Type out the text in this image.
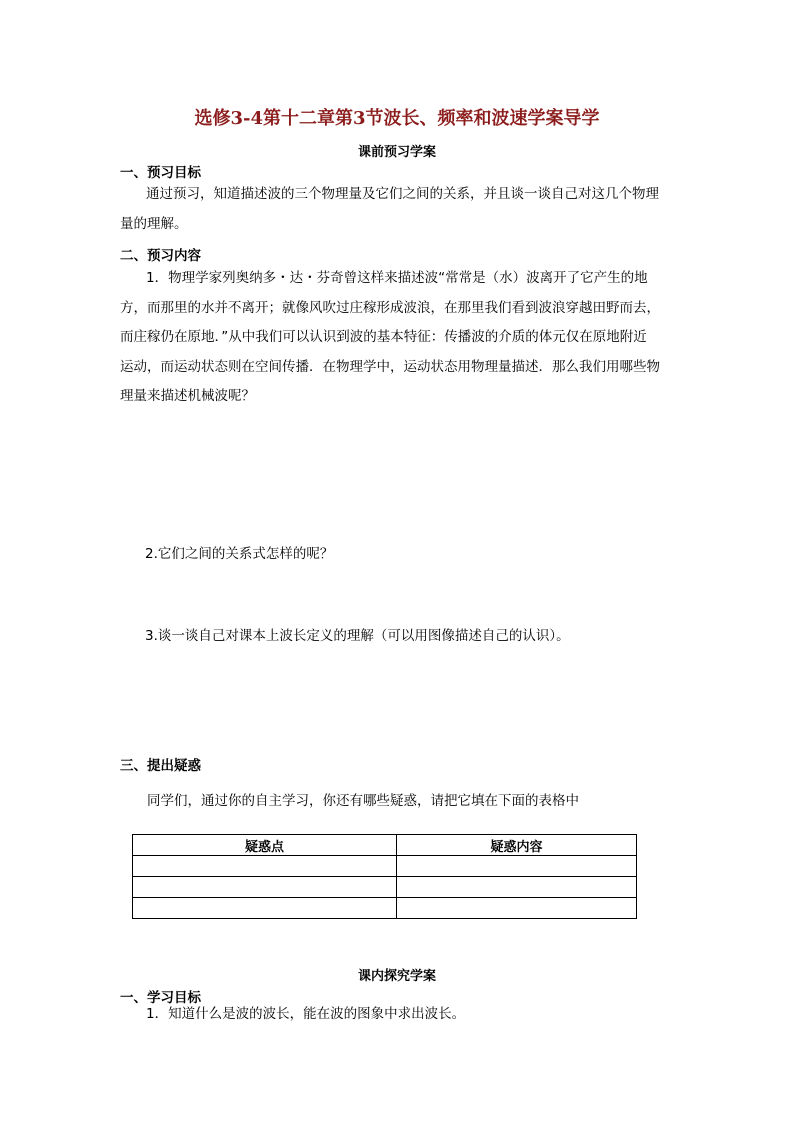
选修3-4第十二章第3节波长、频率和波速学案导学
课前预习学案
一、预习目标
通过预习，知道描述波的三个物理量及它们之间的关系，并且谈一谈自己对这几个物理
量的理解。
二、预习内容
1．物理学家列奥纳多・达・芬奇曾这样来描述波“常常是（水）波离开了它产生的地
方，而那里的水并不离开；就像风吹过庄稼形成波浪，在那里我们看到波浪穿越田野而去，
而庄稼仍在原地．”从中我们可以认识到波的基本特征：传播波的介质的体元仅在原地附近
运动，而运动状态则在空间传播．在物理学中，运动状态用物理量描述．那么我们用哪些物
理量来描述机械波呢？
2.它们之间的关系式怎样的呢？
3.谈一谈自己对课本上波长定义的理解（可以用图像描述自己的认识）。
三、提出疑惑
同学们，通过你的自主学习，你还有哪些疑惑，请把它填在下面的表格中
疑惑点	疑惑内容

课内探究学案
一、学习目标
1．知道什么是波的波长，能在波的图象中求出波长。
